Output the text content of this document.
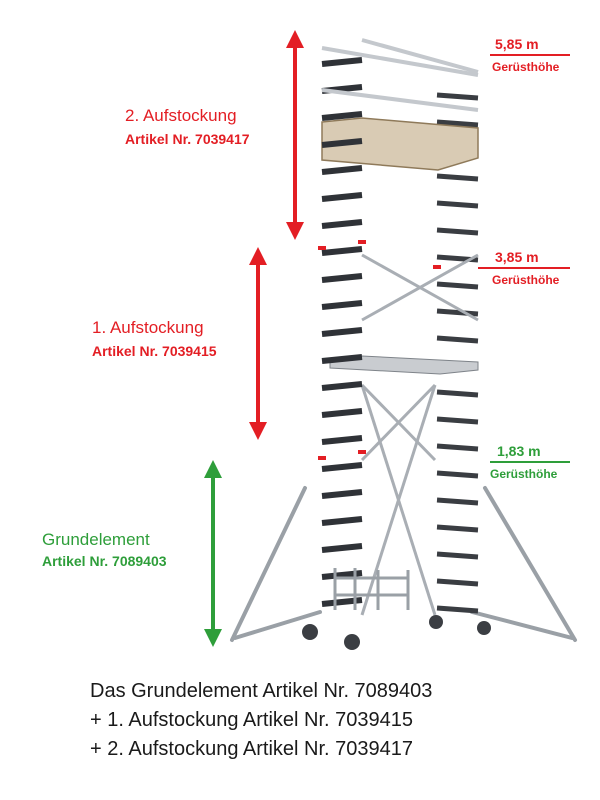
2. Aufstockung
Artikel Nr. 7039417
1. Aufstockung
Artikel Nr. 7039415
Grundelement
Artikel Nr. 7089403
5,85 m
Gerüsthöhe
3,85 m
Gerüsthöhe
1,83 m
Gerüsthöhe
Das Grundelement Artikel Nr. 7089403
+ 1. Aufstockung Artikel Nr. 7039415
+ 2. Aufstockung Artikel Nr. 7039417
